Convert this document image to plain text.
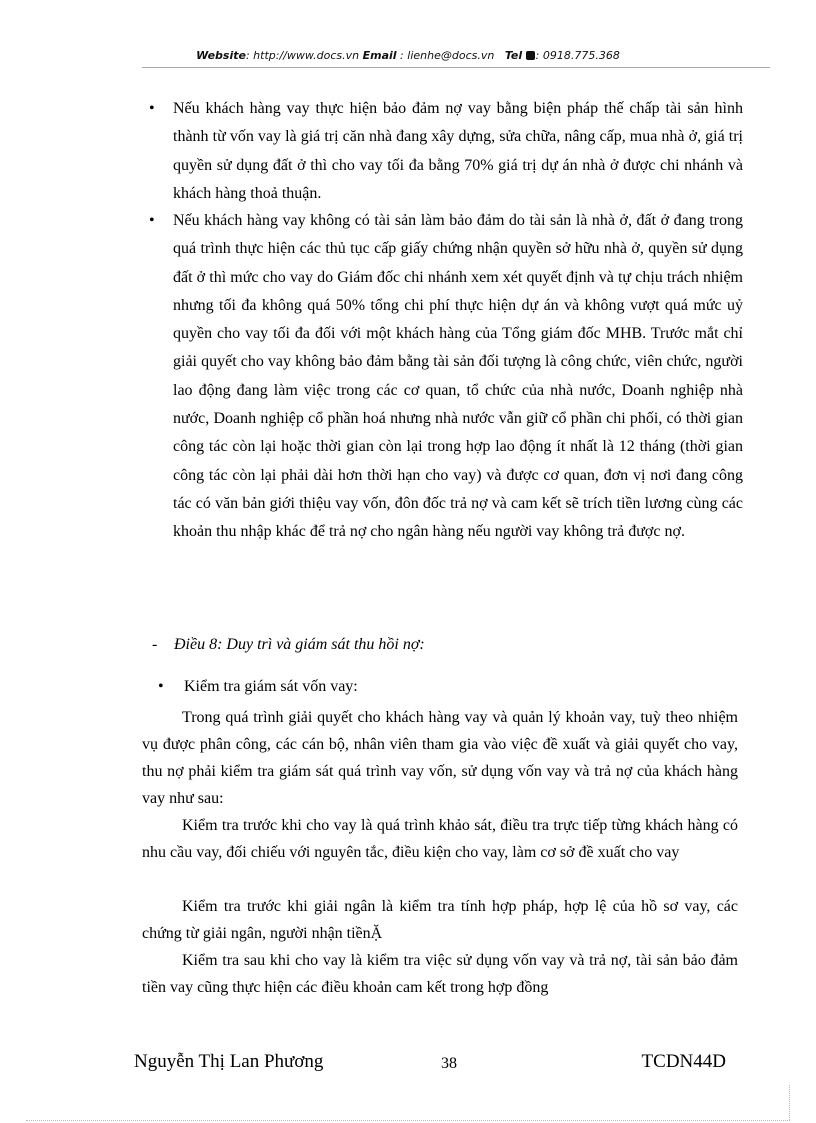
Website: http://www.docs.vn Email : lienhe@docs.vn Tel : 0918.775.368
• Nếu khách hàng vay thực hiện bảo đảm nợ vay bằng biện pháp thế chấp tài sản hình thành từ vốn vay là giá trị căn nhà đang xây dựng, sửa chữa, nâng cấp, mua nhà ở, giá trị quyền sử dụng đất ở thì cho vay tối đa bằng 70% giá trị dự án nhà ở được chi nhánh và khách hàng thoả thuận.

• Nếu khách hàng vay không có tài sản làm bảo đảm do tài sản là nhà ở, đất ở đang trong quá trình thực hiện các thủ tục cấp giấy chứng nhận quyền sở hữu nhà ở, quyền sử dụng đất ở thì mức cho vay do Giám đốc chi nhánh xem xét quyết định và tự chịu trách nhiệm nhưng tối đa không quá 50% tổng chi phí thực hiện dự án và không vượt quá mức uỷ quyền cho vay tối đa đối với một khách hàng của Tổng giám đốc MHB. Trước mắt chỉ giải quyết cho vay không bảo đảm bằng tài sản đối tượng là công chức, viên chức, người lao động đang làm việc trong các cơ quan, tổ chức của nhà nước, Doanh nghiệp nhà nước, Doanh nghiệp cổ phần hoá nhưng nhà nước vẫn giữ cổ phần chi phối, có thời gian công tác còn lại hoặc thời gian còn lại trong hợp lao động ít nhất là 12 tháng (thời gian công tác còn lại phải dài hơn thời hạn cho vay) và được cơ quan, đơn vị nơi đang công tác có văn bản giới thiệu vay vốn, đôn đốc trả nợ và cam kết sẽ trích tiền lương cùng các khoản thu nhập khác để trả nợ cho ngân hàng nếu người vay không trả được nợ.

- Điều 8: Duy trì và giám sát thu hồi nợ:
• Kiểm tra giám sát vốn vay:

Trong quá trình giải quyết cho khách hàng vay và quản lý khoản vay, tuỳ theo nhiệm vụ được phân công, các cán bộ, nhân viên tham gia vào việc đề xuất và giải quyết cho vay, thu nợ phải kiểm tra giám sát quá trình vay vốn, sử dụng vốn vay và trả nợ của khách hàng vay như sau:

Kiểm tra trước khi cho vay là quá trình khảo sát, điều tra trực tiếp từng khách hàng có nhu cầu vay, đối chiếu với nguyên tắc, điều kiện cho vay, làm cơ sở đề xuất cho vay

Kiểm tra trước khi giải ngân là kiểm tra tính hợp pháp, hợp lệ của hồ sơ vay, các chứng từ giải ngân, người nhận tiềnẶ

Kiểm tra sau khi cho vay là kiểm tra việc sử dụng vốn vay và trả nợ, tài sản bảo đảm tiền vay cũng thực hiện các điều khoản cam kết trong hợp đồng

Nguyễn Thị Lan Phương	38	TCDN44D
